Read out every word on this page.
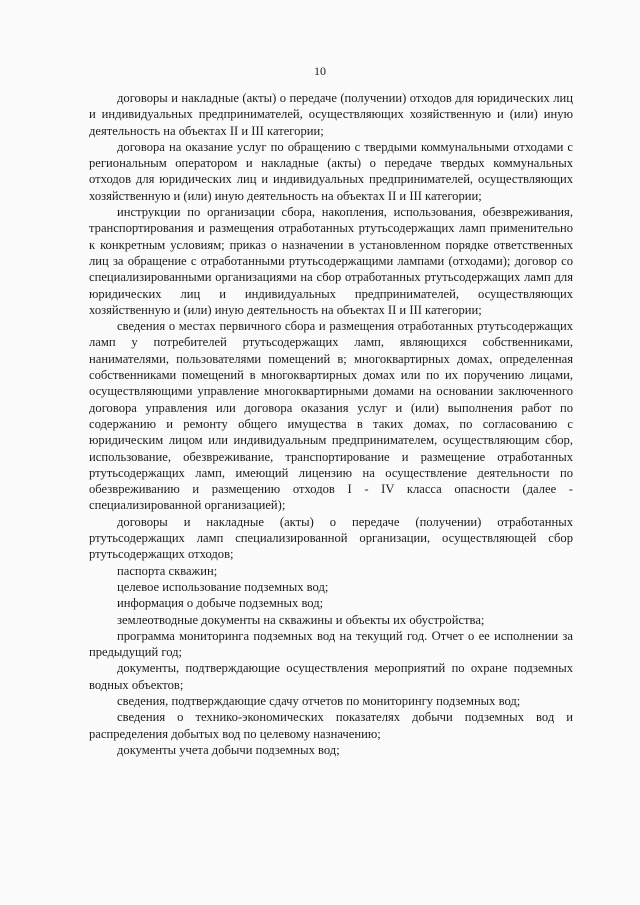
10

договоры и накладные (акты) о передаче (получении) отходов для юридических лиц и индивидуальных предпринимателей, осуществляющих хозяйственную и (или) иную деятельность на объектах II и III категории;

договора на оказание услуг по обращению с твердыми коммунальными отходами с региональным оператором и накладные (акты) о передаче твердых коммунальных отходов для юридических лиц и индивидуальных предпринимателей, осуществляющих хозяйственную и (или) иную деятельность на объектах II и III категории;

инструкции по организации сбора, накопления, использования, обезвреживания, транспортирования и размещения отработанных ртутьсодержащих ламп применительно к конкретным условиям; приказ о назначении в установленном порядке ответственных лиц за обращение с отработанными ртутьсодержащими лампами (отходами); договор со специализированными организациями на сбор отработанных ртутьсодержащих ламп для юридических лиц и индивидуальных предпринимателей, осуществляющих хозяйственную и (или) иную деятельность на объектах II и III категории;

сведения о местах первичного сбора и размещения отработанных ртутьсодержащих ламп у потребителей ртутьсодержащих ламп, являющихся собственниками, нанимателями, пользователями помещений в; многоквартирных домах, определенная собственниками помещений в многоквартирных домах или по их поручению лицами, осуществляющими управление многоквартирными домами на основании заключенного договора управления или договора оказания услуг и (или) выполнения работ по содержанию и ремонту общего имущества в таких домах, по согласованию с юридическим лицом или индивидуальным предпринимателем, осуществляющим сбор, использование, обезвреживание, транспортирование и размещение отработанных ртутьсодержащих ламп, имеющий лицензию на осуществление деятельности по обезвреживанию и размещению отходов I - IV класса опасности (далее - специализированной организацией);

договоры и накладные (акты) о передаче (получении) отработанных ртутьсодержащих ламп специализированной организации, осуществляющей сбор ртутьсодержащих отходов;

паспорта скважин;

целевое использование подземных вод;

информация о добыче подземных вод;

землеотводные документы на скважины и объекты их обустройства;

программа мониторинга подземных вод на текущий год. Отчет о ее исполнении за предыдущий год;

документы, подтверждающие осуществления мероприятий по охране подземных водных объектов;

сведения, подтверждающие сдачу отчетов по мониторингу подземных вод;

сведения о технико-экономических показателях добычи подземных вод и распределения добытых вод по целевому назначению;

документы учета добычи подземных вод;
